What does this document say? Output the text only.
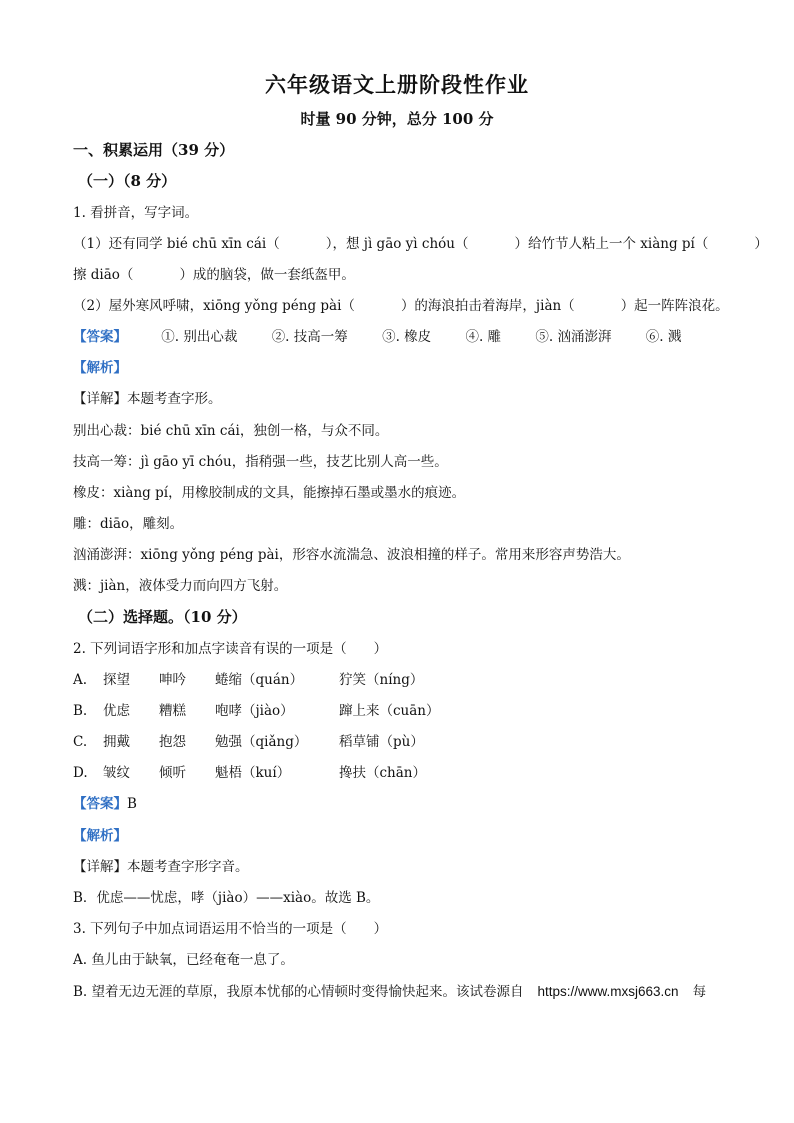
六年级语文上册阶段性作业
时量 90 分钟，总分 100 分
一、积累运用（39 分）
（一）（8 分）
1. 看拼音，写字词。
（1）还有同学 bié chū xīn cái（	），想 jì gāo yì chóu（	）给竹节人粘上一个 xiàng pí（	）
擦 diāo（	）成的脑袋，做一套纸盔甲。
（2）屋外寒风呼啸，xiōng yǒng péng pài（	）的海浪拍击着海岸，jiàn（	）起一阵阵浪花。
【答案】	①. 别出心裁	②. 技高一筹	③. 橡皮	④. 雕	⑤. 汹涌澎湃	⑥. 溅
【解析】
【详解】本题考查字形。
别出心裁：bié chū xīn cái，独创一格，与众不同。
技高一筹：jì gāo yī chóu，指稍强一些，技艺比别人高一些。
橡皮：xiàng pí，用橡胶制成的文具，能擦掉石墨或墨水的痕迹。
雕：diāo，雕刻。
汹涌澎湃：xiōng yǒng péng pài，形容水流湍急、波浪相撞的样子。常用来形容声势浩大。
溅：jiàn，液体受力而向四方飞射。
（二）选择题。（10 分）
2. 下列词语字形和加点字读音有误的一项是（　　）
A. 探望 呻吟 蜷缩（quán）	狞笑（níng）
B. 优虑 糟糕 咆哮（jiào）	蹿上来（cuān）
C. 拥戴 抱怨 勉强（qiǎng） 稻草铺（pù）
D. 皱纹 倾听 魁梧（kuí）	搀扶（chān）
【答案】B
【解析】
【详解】本题考查字形字音。
B．优虑——忧虑，哮（jiào）——xiào。故选 B。
3. 下列句子中加点词语运用不恰当的一项是（　　）
A. 鱼儿由于缺氧，已经奄奄一息了。
B. 望着无边无涯的草原，我原本忧郁的心情顿时变得愉快起来。该试卷源自 https://www.mxsj663.cn 每
